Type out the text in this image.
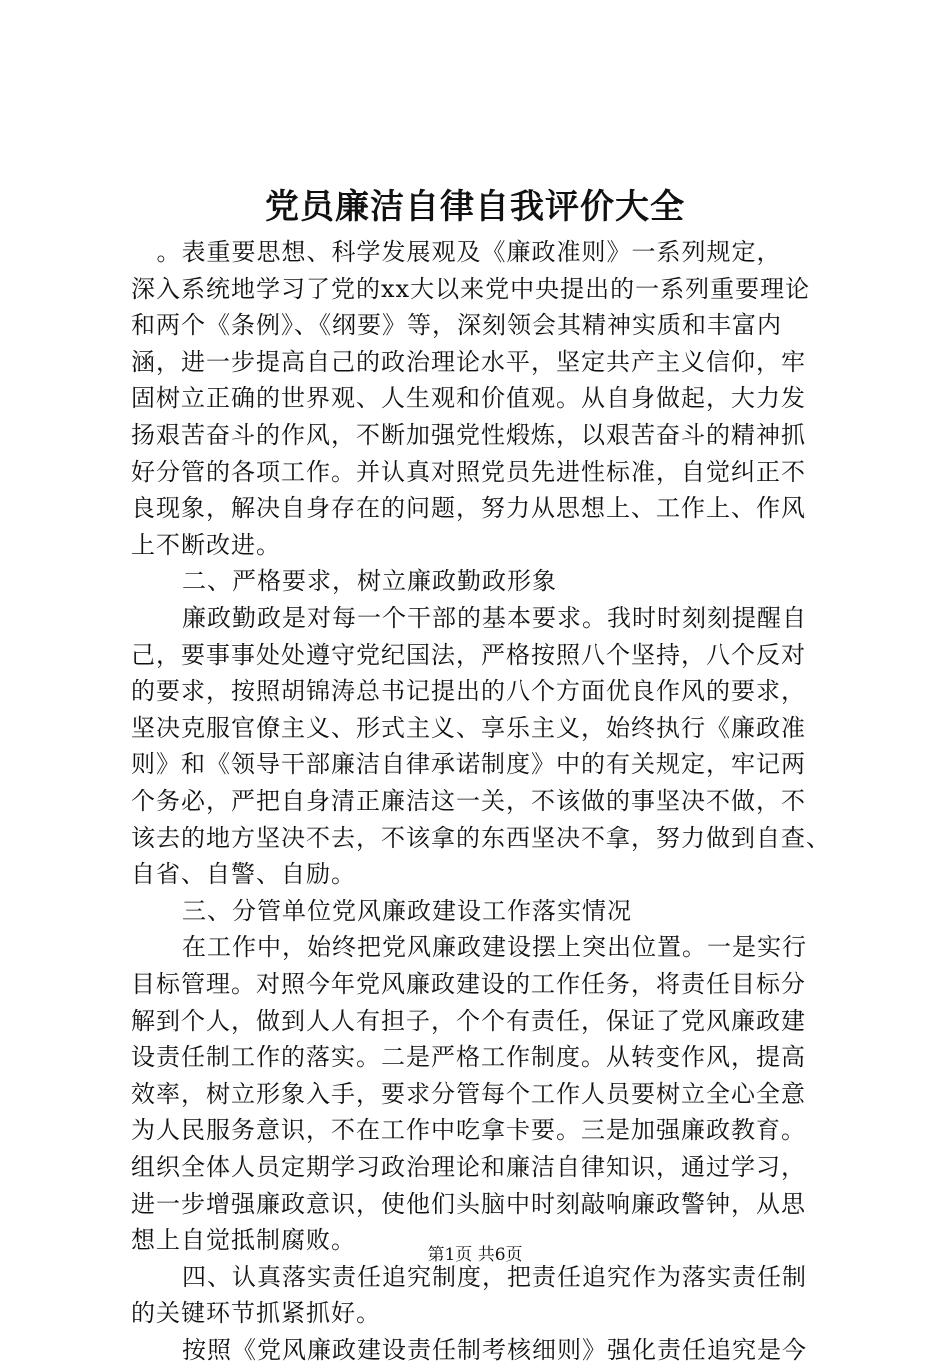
党员廉洁自律自我评价大全
。表重要思想、科学发展观及《廉政准则》一系列规定，
深入系统地学习了党的xx大以来党中央提出的一系列重要理论
和两个《条例》、《纲要》等，深刻领会其精神实质和丰富内
涵，进一步提高自己的政治理论水平，坚定共产主义信仰，牢
固树立正确的世界观、人生观和价值观。从自身做起，大力发
扬艰苦奋斗的作风，不断加强党性煅炼，以艰苦奋斗的精神抓
好分管的各项工作。并认真对照党员先进性标准，自觉纠正不
良现象，解决自身存在的问题，努力从思想上、工作上、作风
上不断改进。
二、严格要求，树立廉政勤政形象
廉政勤政是对每一个干部的基本要求。我时时刻刻提醒自
己，要事事处处遵守党纪国法，严格按照八个坚持，八个反对
的要求，按照胡锦涛总书记提出的八个方面优良作风的要求，
坚决克服官僚主义、形式主义、享乐主义，始终执行《廉政准
则》和《领导干部廉洁自律承诺制度》中的有关规定，牢记两
个务必，严把自身清正廉洁这一关，不该做的事坚决不做，不
该去的地方坚决不去，不该拿的东西坚决不拿，努力做到自查、
自省、自警、自励。
三、分管单位党风廉政建设工作落实情况
在工作中，始终把党风廉政建设摆上突出位置。一是实行
目标管理。对照今年党风廉政建设的工作任务，将责任目标分
解到个人，做到人人有担子，个个有责任，保证了党风廉政建
设责任制工作的落实。二是严格工作制度。从转变作风，提高
效率，树立形象入手，要求分管每个工作人员要树立全心全意
为人民服务意识，不在工作中吃拿卡要。三是加强廉政教育。
组织全体人员定期学习政治理论和廉洁自律知识，通过学习，
进一步增强廉政意识，使他们头脑中时刻敲响廉政警钟，从思
想上自觉抵制腐败。
四、认真落实责任追究制度，把责任追究作为落实责任制
的关键环节抓紧抓好。
按照《党风廉政建设责任制考核细则》强化责任追究是今
第1页 共6页
